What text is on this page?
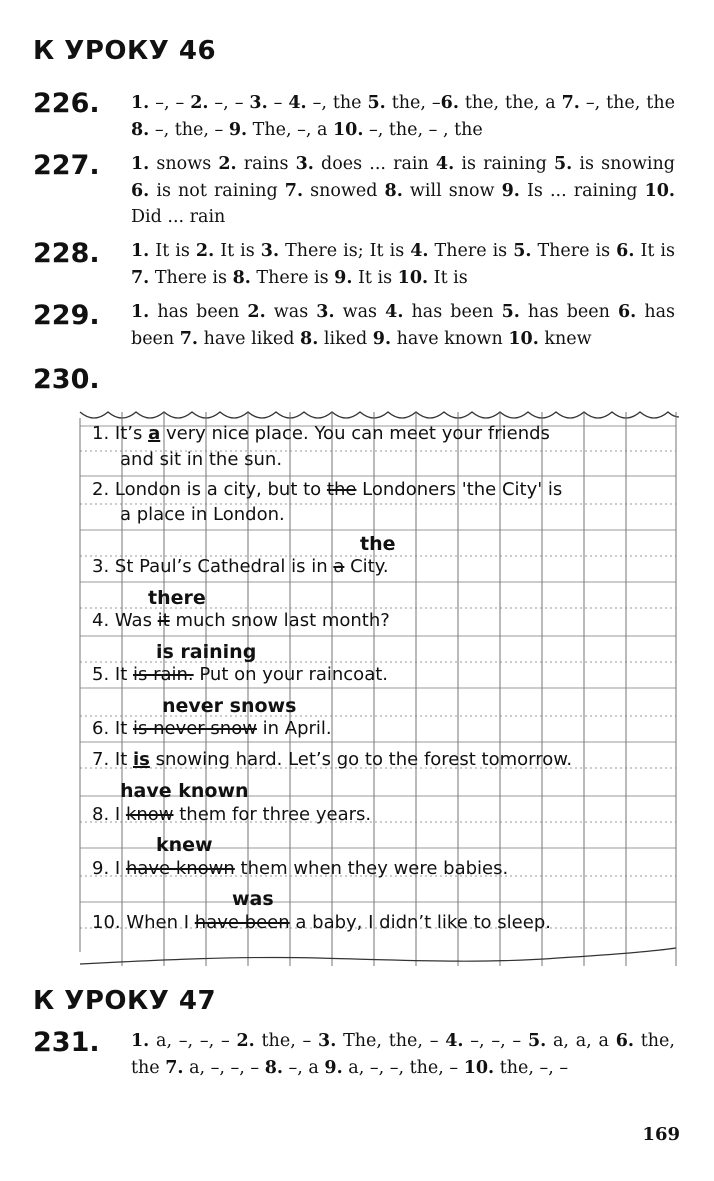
К УРОКУ 46
226. 1. –, – 2. –, – 3. – 4. –, the 5. the, –6. the, the, a 7. –, the, the 8. –, the, – 9. The, –, a 10. –, the, – , the
227. 1. snows 2. rains 3. does ... rain 4. is raining 5. is snowing 6. is not raining 7. snowed 8. will snow 9. Is ... raining 10. Did ... rain
228. 1. It is 2. It is 3. There is; It is 4. There is 5. There is 6. It is 7. There is 8. There is 9. It is 10. It is
229. 1. has been 2. was 3. was 4. has been 5. has been 6. has been 7. have liked 8. liked 9. have known 10. knew
230.
1. It’s a very nice place. You can meet your friends
and sit in the sun.
2. London is a city, but to the Londoners 'the City' is
a place in London.
the
3. St Paul’s Cathedral is in a City.
there
4. Was it much snow last month?
is raining
5. It is rain. Put on your raincoat.
never snows
6. It is never snow in April.
7. It is snowing hard. Let’s go to the forest tomorrow.
have known
8. I know them for three years.
knew
9. I have known them when they were babies.
was
10. When I have been a baby, I didn’t like to sleep.
К УРОКУ 47
231. 1. a, –, –, – 2. the, – 3. The, the, – 4. –, –, – 5. a, a, a 6. the, the 7. a, –, –, – 8. –, a 9. a, –, –, the, – 10. the, –, –
169
